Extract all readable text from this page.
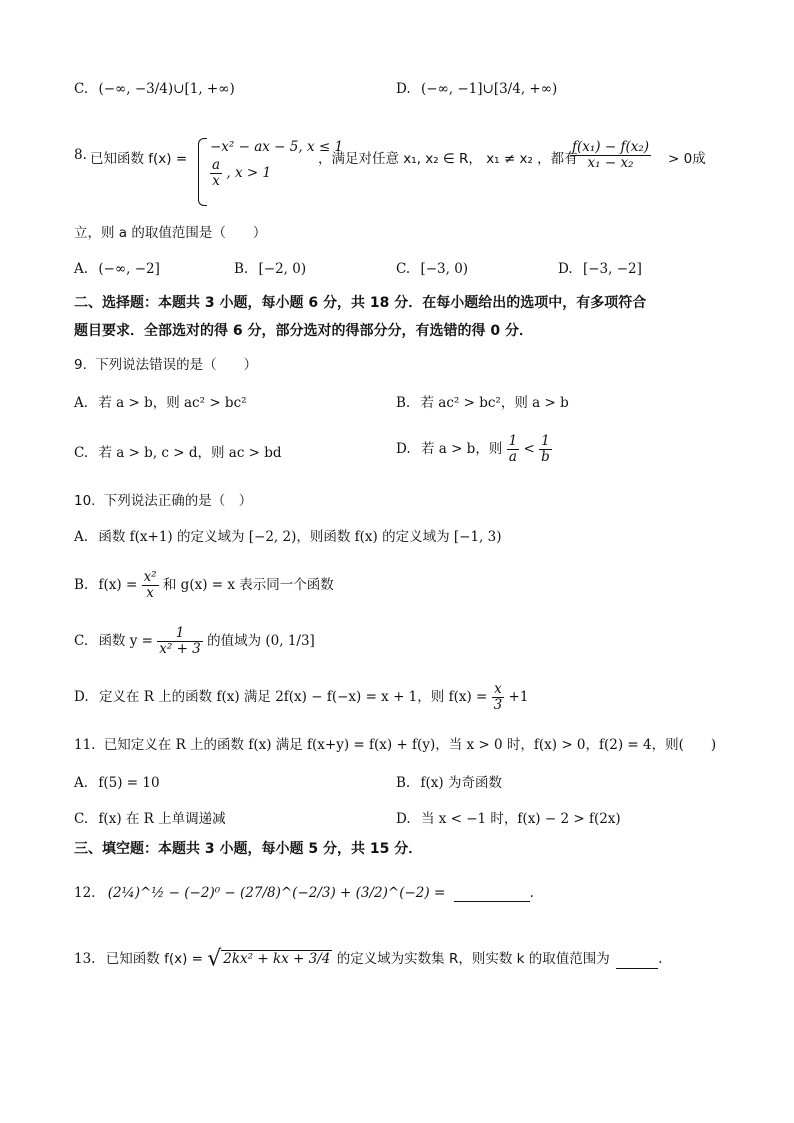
C. (−∞, −3/4)∪[1, +∞)	D. (−∞, −1]∪[3/4, +∞)
8. 已知函数 f(x) =
−x² − ax − 5, x ≤ 1
$\frac{a}{x}$ , x > 1
，满足对任意 x₁, x₂ ∈ R， x₁ ≠ x₂ ，都有
$\frac{\text{f(x₁) − f(x₂)}}{\text{x₁ − x₂}} > 0$成
立，则 a 的取值范围是（　　）
A. (−∞, −2]	B. [−2, 0)	C. [−3, 0)	D. [−3, −2]
二、选择题：本题共 3 小题，每小题 6 分，共 18 分．在每小题给出的选项中，有多项符合
题目要求．全部选对的得 6 分，部分选对的得部分分，有选错的得 0 分．
9. 下列说法错误的是（　　）
A. 若 a > b，则 ac² > bc²	B. 若 ac² > bc²，则 a > b
C. 若 a > b, c > d，则 ac > bd	D. 若 a > b，则 $\frac{1}{a} < \frac{1}{b}$
10. 下列说法正确的是（　）
A. 函数 f(x+1) 的定义域为 [−2, 2)，则函数 f(x) 的定义域为 [−1, 3)
B. $f(x) = \frac{\text{x²}}{x}$ 和 g(x) = x 表示同一个函数
C. 函数 $y = \frac{1}{\text{x² + 3}}$ 的值域为 (0, 1/3]
D. 定义在 R 上的函数 f(x) 满足 2f(x) − f(−x) = x + 1，则 $f(x) = \frac{x}{3} +1$
11. 已知定义在 R 上的函数 f(x) 满足 f(x+y) = f(x) + f(y)，当 x > 0 时，f(x) > 0，f(2) = 4，则(　　)
A. f(5) = 10	B. f(x) 为奇函数
C. f(x) 在 R 上单调递减	D. 当 x < −1 时，f(x) − 2 > f(2x)
三、填空题：本题共 3 小题，每小题 5 分，共 15 分．
12. (2¼)^½ − (−2)⁰ − (27/8)^(−2/3) + (3/2)^(−2) =	.
13. 已知函数 f(x) = √ 2kx² + kx + 3/4 的定义域为实数集 R，则实数 k 的取值范围为	.
